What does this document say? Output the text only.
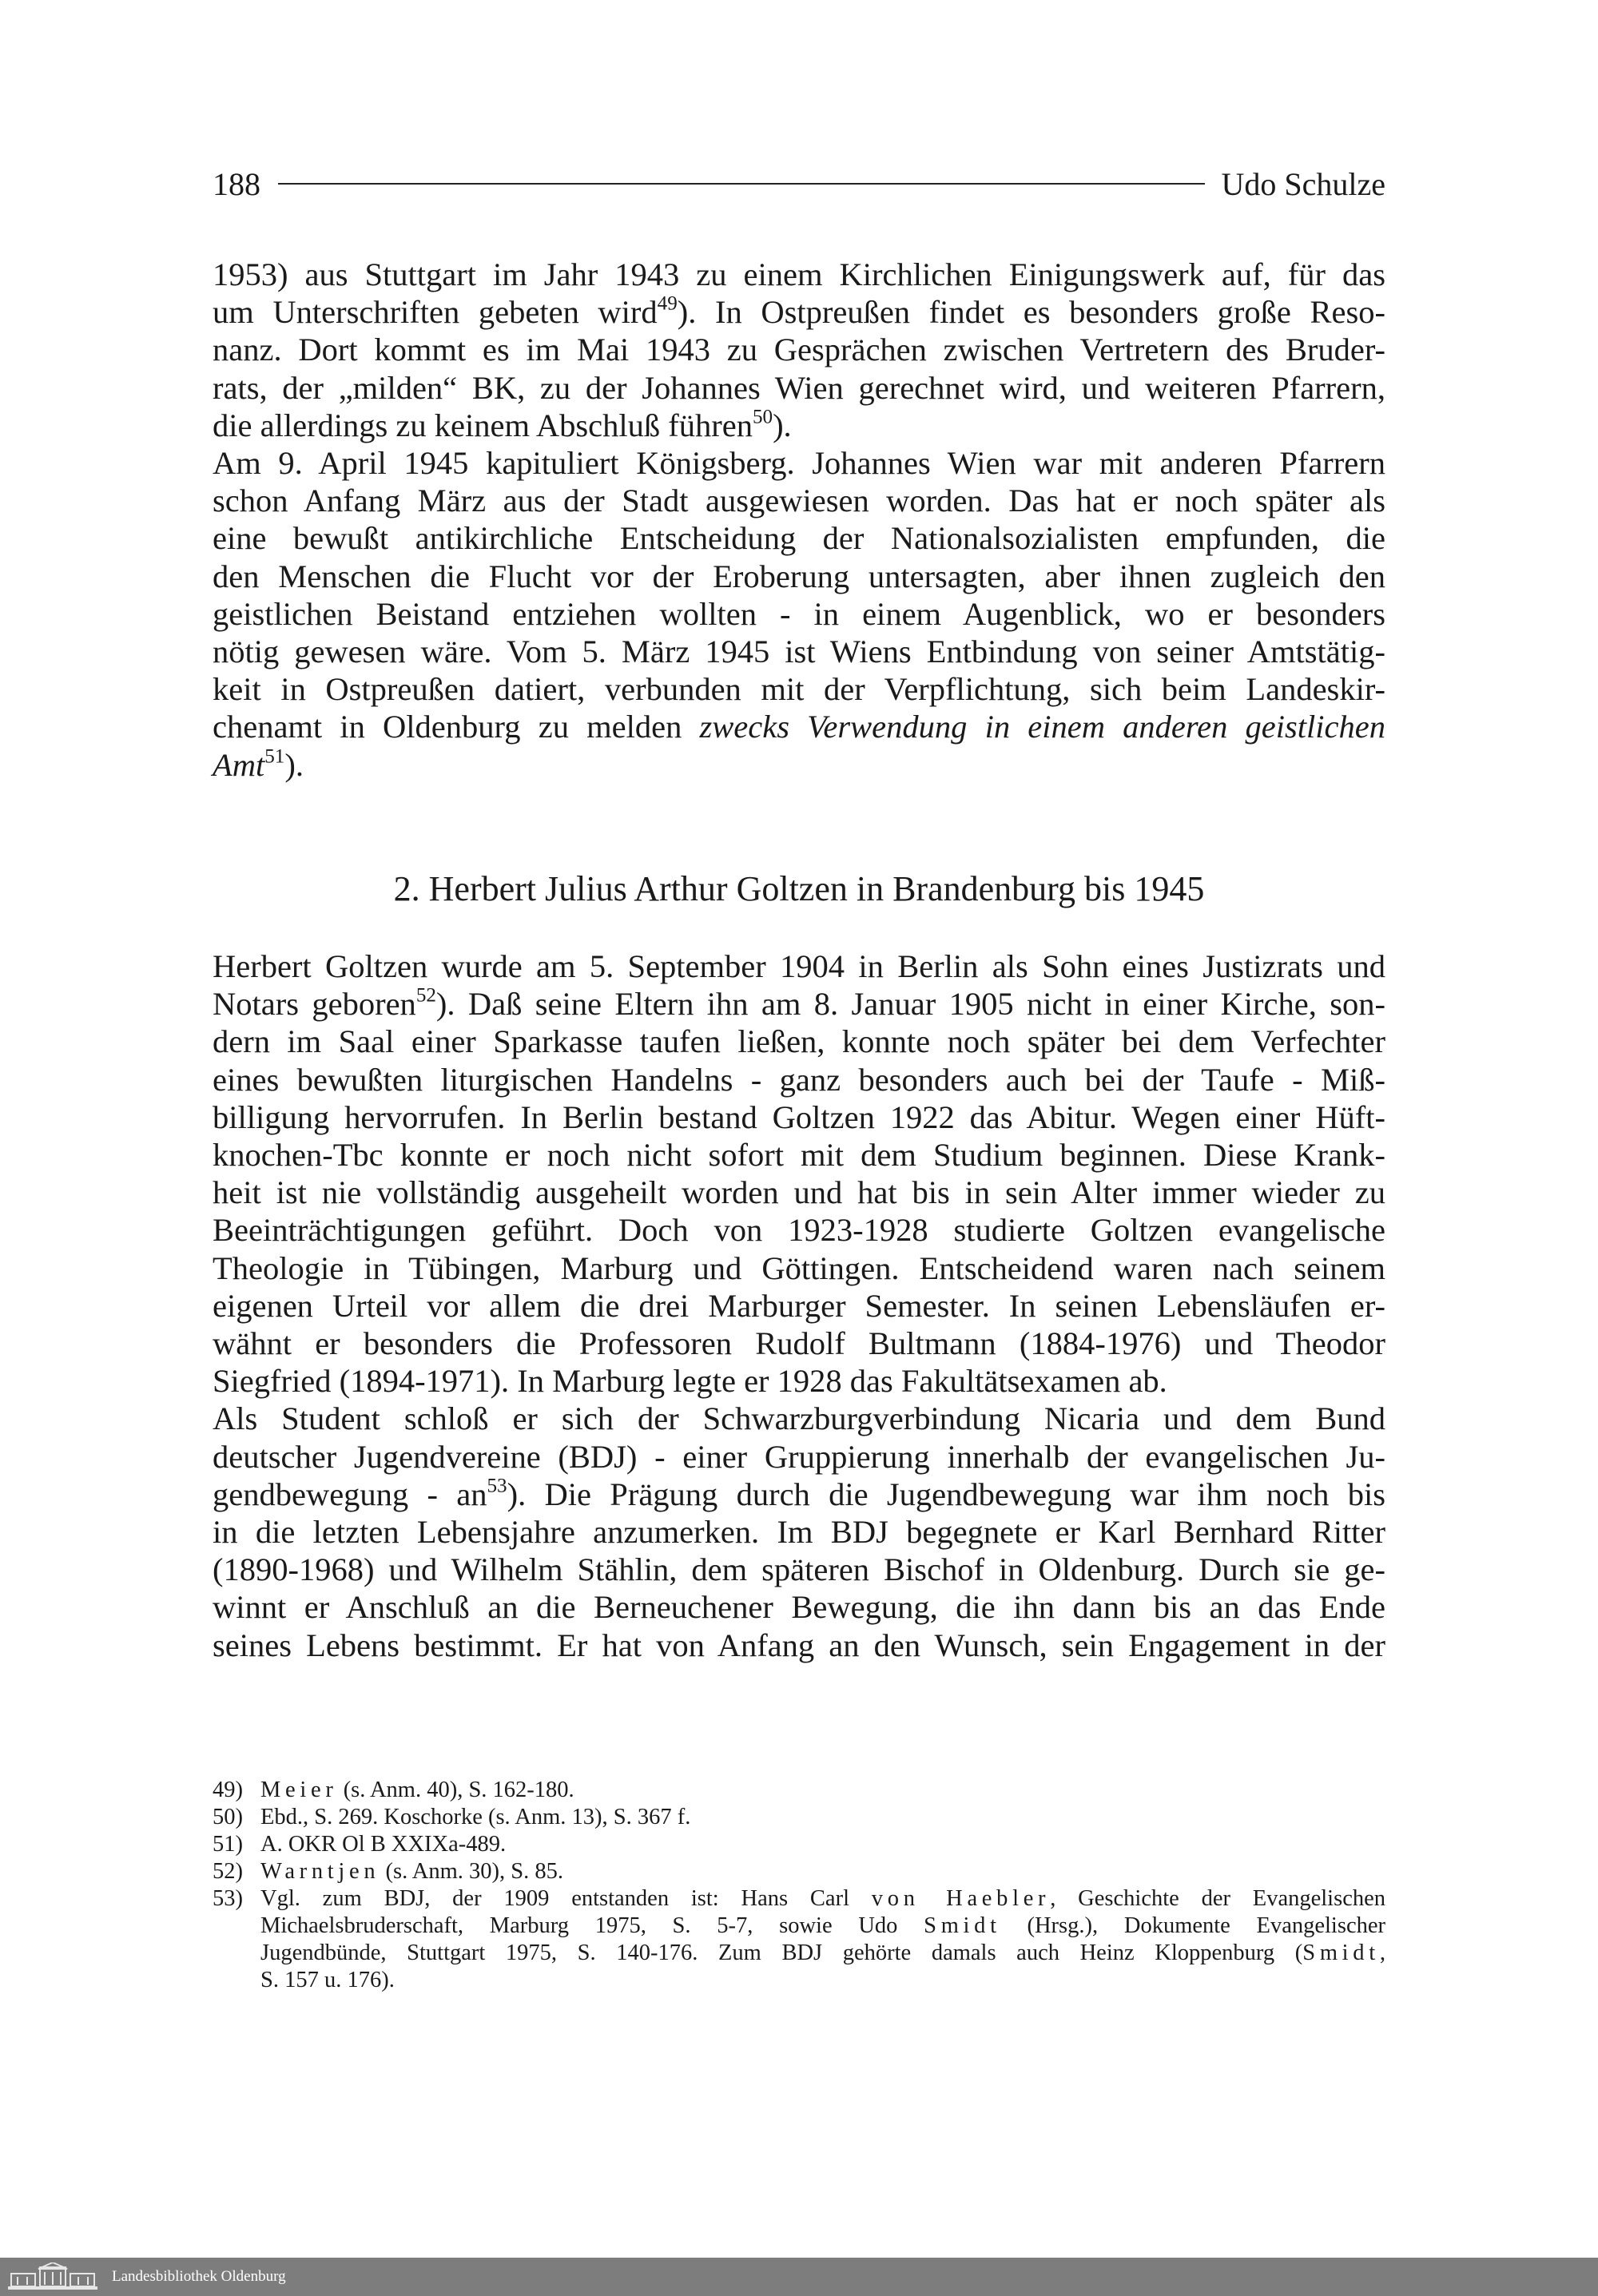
188	Udo Schulze
1953) aus Stuttgart im Jahr 1943 zu einem Kirchlichen Einigungswerk auf, für das
um Unterschriften gebeten wird$^{49}$). In Ostpreußen findet es besonders große Reso-
nanz. Dort kommt es im Mai 1943 zu Gesprächen zwischen Vertretern des Bruder-
rats, der „milden“ BK, zu der Johannes Wien gerechnet wird, und weiteren Pfarrern,
die allerdings zu keinem Abschluß führen$^{50}$).
Am 9. April 1945 kapituliert Königsberg. Johannes Wien war mit anderen Pfarrern
schon Anfang März aus der Stadt ausgewiesen worden. Das hat er noch später als
eine bewußt antikirchliche Entscheidung der Nationalsozialisten empfunden, die
den Menschen die Flucht vor der Eroberung untersagten, aber ihnen zugleich den
geistlichen Beistand entziehen wollten - in einem Augenblick, wo er besonders
nötig gewesen wäre. Vom 5. März 1945 ist Wiens Entbindung von seiner Amtstätig-
keit in Ostpreußen datiert, verbunden mit der Verpflichtung, sich beim Landeskir-
chenamt in Oldenburg zu melden zwecks Verwendung in einem anderen geistlichen
Amt$^{51}$).
2. Herbert Julius Arthur Goltzen in Brandenburg bis 1945
Herbert Goltzen wurde am 5. September 1904 in Berlin als Sohn eines Justizrats und
Notars geboren$^{52}$). Daß seine Eltern ihn am 8. Januar 1905 nicht in einer Kirche, son-
dern im Saal einer Sparkasse taufen ließen, konnte noch später bei dem Verfechter
eines bewußten liturgischen Handelns - ganz besonders auch bei der Taufe - Miß-
billigung hervorrufen. In Berlin bestand Goltzen 1922 das Abitur. Wegen einer Hüft-
knochen-Tbc konnte er noch nicht sofort mit dem Studium beginnen. Diese Krank-
heit ist nie vollständig ausgeheilt worden und hat bis in sein Alter immer wieder zu
Beeinträchtigungen geführt. Doch von 1923-1928 studierte Goltzen evangelische
Theologie in Tübingen, Marburg und Göttingen. Entscheidend waren nach seinem
eigenen Urteil vor allem die drei Marburger Semester. In seinen Lebensläufen er-
wähnt er besonders die Professoren Rudolf Bultmann (1884-1976) und Theodor
Siegfried (1894-1971). In Marburg legte er 1928 das Fakultätsexamen ab.
Als Student schloß er sich der Schwarzburgverbindung Nicaria und dem Bund
deutscher Jugendvereine (BDJ) - einer Gruppierung innerhalb der evangelischen Ju-
gendbewegung - $an^{53}$). Die Prägung durch die Jugendbewegung war ihm noch bis
in die letzten Lebensjahre anzumerken. Im BDJ begegnete er Karl Bernhard Ritter
(1890-1968) und Wilhelm Stählin, dem späteren Bischof in Oldenburg. Durch sie ge-
winnt er Anschluß an die Berneuchener Bewegung, die ihn dann bis an das Ende
seines Lebens bestimmt. Er hat von Anfang an den Wunsch, sein Engagement in der
49) Meier (s. Anm. 40), S. 162-180.
50) Ebd., S. 269. Koschorke (s. Anm. 13), S. 367 f.
51) A. OKR Ol B XXIXa-489.
52) Warntjen (s. Anm. 30), S. 85.
53) Vgl. zum BDJ, der 1909 entstanden ist: Hans Carl von Haebler, Geschichte der Evangelischen
Michaelsbruderschaft, Marburg 1975, S. 5-7, sowie Udo Smidt (Hrsg.), Dokumente Evangelischer
Jugendbünde, Stuttgart 1975, S. 140-176. Zum BDJ gehörte damals auch Heinz Kloppenburg (Smidt,
S. 157 u. 176).
Landesbibliothek Oldenburg
